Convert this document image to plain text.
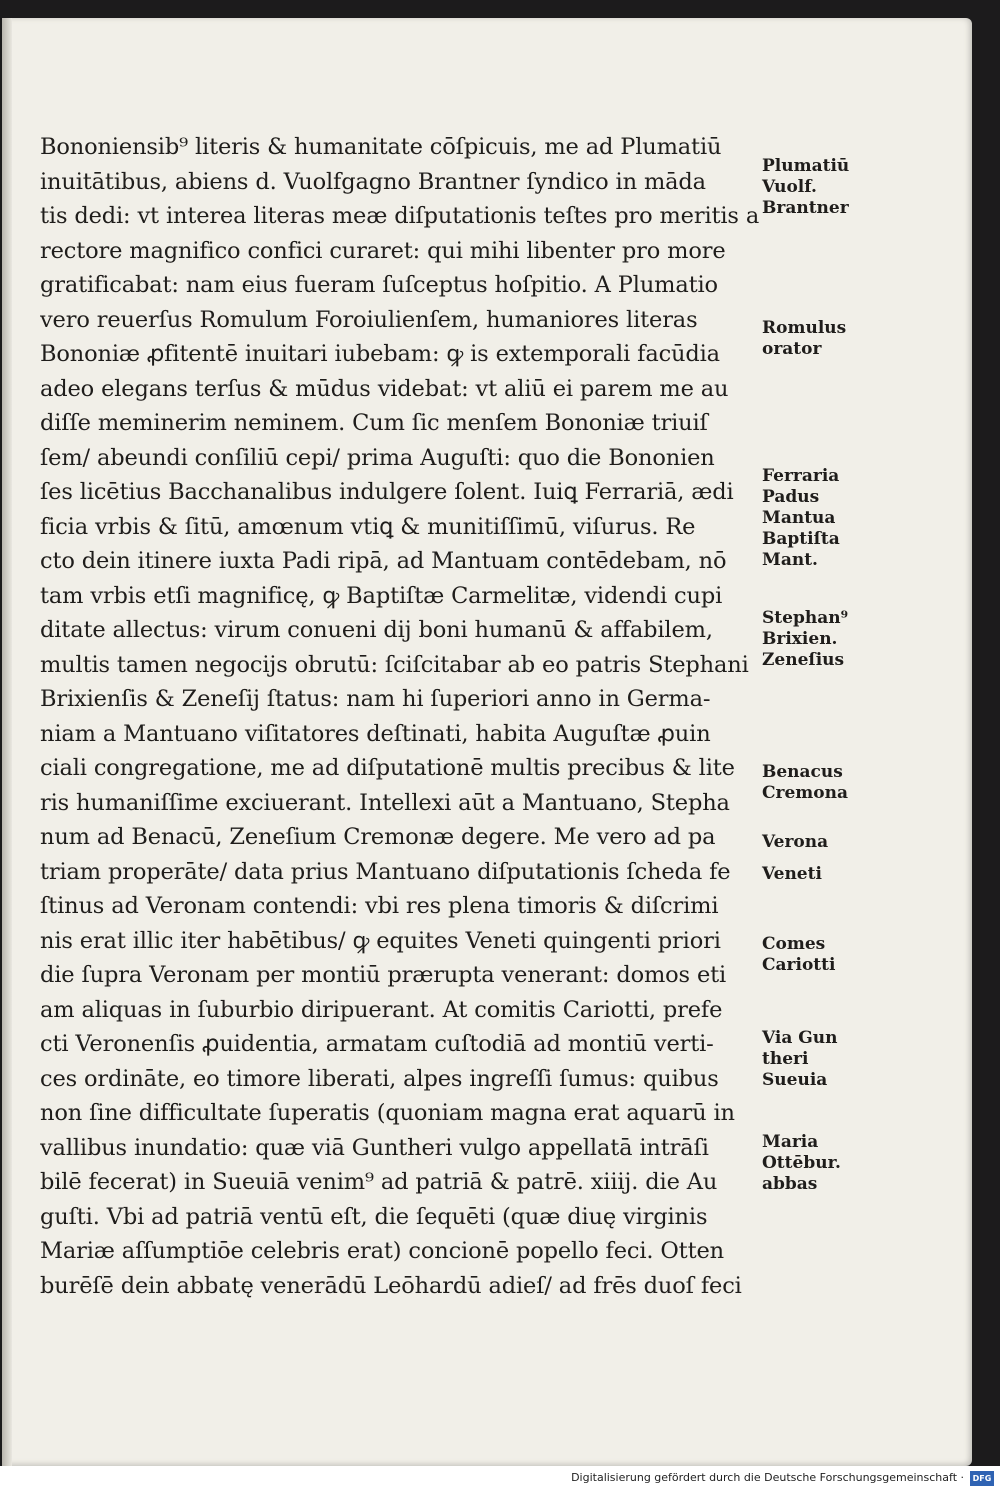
Bononiensib⁹ literis & humanitate cōſpicuis, me ad Plumatiū
inuitātibus, abiens d. Vuolfgagno Brantner ſyndico in māda
tis dedi: vt interea literas meæ diſputationis teſtes pro meritis a
rectore magnifico confici curaret: qui mihi libenter pro more
gratificabat: nam eius fueram ſuſceptus hoſpitio. A Plumatio
vero reuerſus Romulum Foroiulienſem, humaniores literas
Bononiæ ꝓfitentē inuitari iubebam: ꝙ is extemporali facūdia
adeo elegans terſus & mūdus videbat: vt aliū ei parem me au
diſſe meminerim neminem. Cum ſic menſem Bononiæ triuiſ
ſem/ abeundi conſiliū cepi/ prima Auguſti: quo die Bononien
ſes licētius Bacchanalibus indulgere ſolent. Iuiꝗ Ferrariā, ædi
ficia vrbis & ſitū, amœnum vtiꝗ & munitiſſimū, viſurus. Re
cto dein itinere iuxta Padi ripā, ad Mantuam contēdebam, nō
tam vrbis etſi magnificę, ꝙ Baptiſtæ Carmelitæ, videndi cupi
ditate allectus: virum conueni dij boni humanū & affabilem,
multis tamen negocijs obrutū: ſciſcitabar ab eo patris Stephani
Brixienſis & Zeneſij ſtatus: nam hi ſuperiori anno in Germa-
niam a Mantuano viſitatores deſtinati, habita Auguſtæ ꝓuin
ciali congregatione, me ad diſputationē multis precibus & lite
ris humaniſſime exciuerant. Intellexi aūt a Mantuano, Stepha
num ad Benacū, Zeneſium Cremonæ degere. Me vero ad pa
triam properāte/ data prius Mantuano diſputationis ſcheda fe
ſtinus ad Veronam contendi: vbi res plena timoris & diſcrimi
nis erat illic iter habētibus/ ꝙ equites Veneti quingenti priori
die ſupra Veronam per montiū prærupta venerant: domos eti
am aliquas in ſuburbio diripuerant. At comitis Cariotti, prefe
cti Veronenſis ꝓuidentia, armatam cuſtodiā ad montiū verti-
ces ordināte, eo timore liberati, alpes ingreſſi ſumus: quibus
non ſine difficultate ſuperatis (quoniam magna erat aquarū in
vallibus inundatio: quæ viā Guntheri vulgo appellatā intrāſi
bilē fecerat) in Sueuiā venim⁹ ad patriā & patrē. xiiij. die Au
guſti. Vbi ad patriā ventū eſt, die ſequēti (quæ diuę virginis
Mariæ aſſumptiōe celebris erat) concionē popello feci. Otten
burēſē dein abbatę venerādū Leōhardū adieſ/ ad frēs duoſ feci

Plumatiū
Vuolf.
Brantner

Romulus
orator

Ferraria
Padus
Mantua
Baptiſta
Mant.

Stephan⁹
Brixien.
Zeneſius

Benacus
Cremona

Verona

Veneti

Comes
Cariotti

Via Gun
theri
Sueuia

Maria
Ottēbur.
abbas

Digitalisierung gefördert durch die Deutsche Forschungsgemeinschaft ·	DFG
